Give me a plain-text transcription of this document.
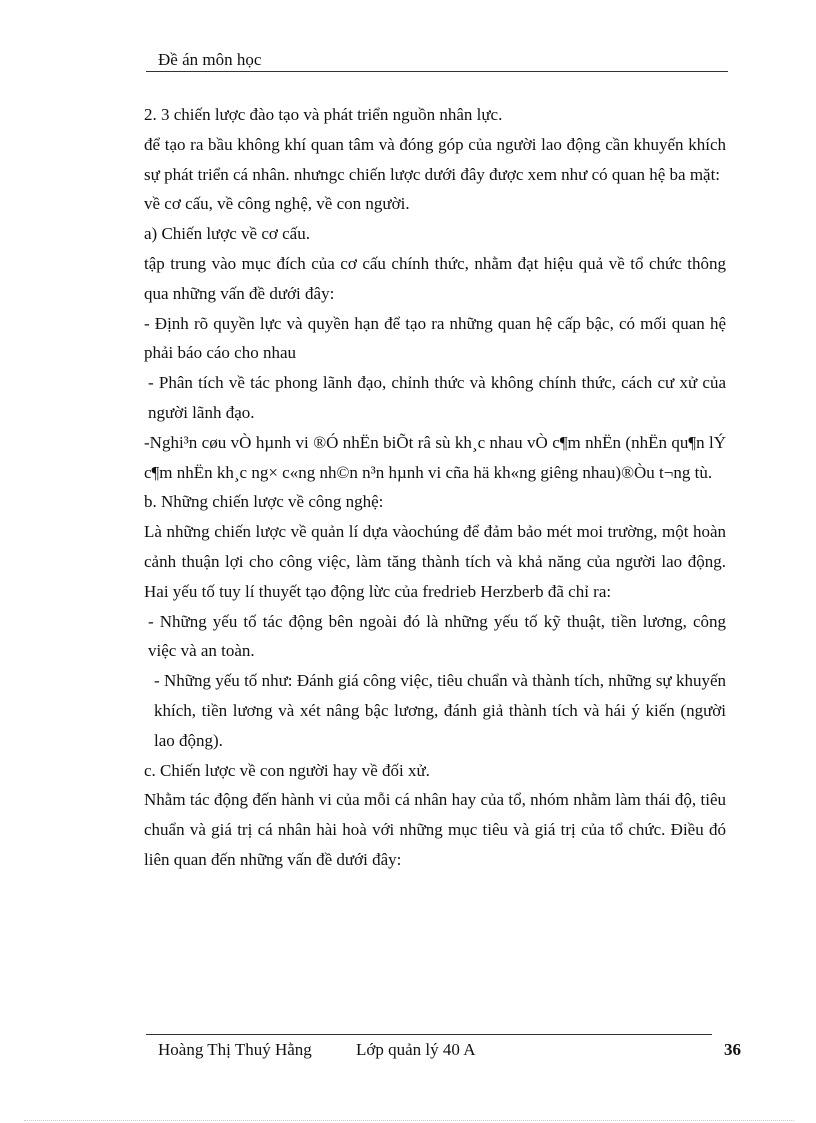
Đề án môn học

2. 3 chiến lược đào tạo và phát triển nguồn nhân lực.

để tạo ra bầu không khí quan tâm và đóng góp của người lao động cần khuyến khích sự phát triển cá nhân. nhưngc chiến lược dưới đây được xem như có quan hệ ba mặt:

về cơ cấu, về công nghệ, về con người.

a) Chiến lược về cơ cấu.

tập trung vào mục đích của cơ cấu chính thức, nhằm đạt hiệu quả về tổ chức thông qua những vấn đề dưới đây:

- Định rõ quyền lực và quyền hạn để tạo ra những quan hệ cấp bậc, có mối quan hệ phải báo cáo cho nhau

- Phân tích về tác phong lãnh đạo, chỉnh thức và không chính thức, cách cư xử của người lãnh đạo.

-Nghi³n cøu vÒ hµnh vi ®Ó nhËn biÕt râ sù kh¸c nhau vÒ c¶m nhËn (nhËn qu¶n lÝ c¶m nhËn kh¸c ng× c«ng nh©n n³n hµnh vi cña hä kh«ng giêng nhau)®Òu t¬ng tù.

b. Những chiến lược về công nghệ:

Là những chiến lược về quản lí dựa vàochúng để đảm bảo mét moi trường, một hoàn cảnh thuận lợi cho công việc, làm tăng thành tích và khả năng của người lao động. Hai yếu tố tuy lí thuyết tạo động lừc của fredrieb Herzberb đã chỉ ra:

- Những yếu tố tác động bên ngoài đó là những yếu tố kỹ thuật, tiền lương, công việc và an toàn.

- Những yếu tố như: Đánh giá công việc, tiêu chuẩn và thành tích, những sự khuyến khích, tiền lương và xét nâng bậc lương, đánh giả thành tích và hái ý kiến (người lao động).

c. Chiến lược về con người hay về đối xử.

Nhằm tác động đến hành vi của mỗi cá nhân hay của tổ, nhóm nhằm làm thái độ, tiêu chuẩn và giá trị cá nhân hài hoà với những mục tiêu và giá trị của tổ chức. Điều đó liên quan đến những vấn đề dưới đây:

Hoàng Thị Thuý Hằng	Lớp quản lý 40 A	36
